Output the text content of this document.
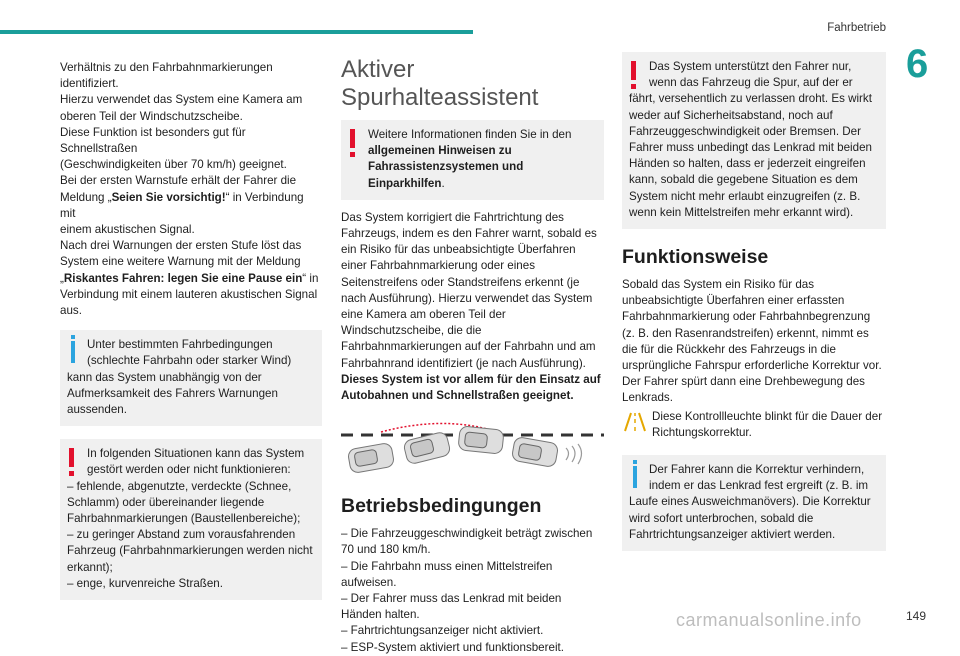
Fahrbetrieb
6

Verhältnis zu den Fahrbahnmarkierungen
identifiziert.
Hierzu verwendet das System eine Kamera am
oberen Teil der Windschutzscheibe.
Diese Funktion ist besonders gut für Schnellstraßen
(Geschwindigkeiten über 70 km/h) geeignet.
Bei der ersten Warnstufe erhält der Fahrer die
Meldung „Seien Sie vorsichtig!“ in Verbindung mit
einem akustischen Signal.
Nach drei Warnungen der ersten Stufe löst das
System eine weitere Warnung mit der Meldung
„Riskantes Fahren: legen Sie eine Pause ein“ in
Verbindung mit einem lauteren akustischen Signal
aus.

Unter bestimmten Fahrbedingungen (schlechte Fahrbahn oder starker Wind)
kann das System unabhängig von der Aufmerksamkeit des Fahrers Warnungen aussenden.
In folgenden Situationen kann das System gestört werden oder nicht funktionieren:
– fehlende, abgenutzte, verdeckte (Schnee, Schlamm) oder übereinander liegende Fahrbahnmarkierungen (Baustellenbereiche);
– zu geringer Abstand zum vorausfahrenden Fahrzeug (Fahrbahnmarkierungen werden nicht erkannt);
– enge, kurvenreiche Straßen.
Aktiver Spurhalteassistent
Weitere Informationen finden Sie in den allgemeinen Hinweisen zu Fahrassistenzsystemen und Einparkhilfen.

Das System korrigiert die Fahrtrichtung des Fahrzeugs, indem es den Fahrer warnt, sobald es ein Risiko für das unbeabsichtigte Überfahren einer Fahrbahnmarkierung oder eines Seitenstreifens oder Standstreifens erkennt (je nach Ausführung). Hierzu verwendet das System eine Kamera am oberen Teil der Windschutzscheibe, die die Fahrbahnmarkierungen auf der Fahrbahn und am Fahrbahnrand identifiziert (je nach Ausführung).

Dieses System ist vor allem für den Einsatz auf Autobahnen und Schnellstraßen geeignet.

Betriebsbedingungen
– Die Fahrzeuggeschwindigkeit beträgt zwischen 70 und 180 km/h.
– Die Fahrbahn muss einen Mittelstreifen aufweisen.
– Der Fahrer muss das Lenkrad mit beiden Händen halten.
– Fahrtrichtungsanzeiger nicht aktiviert.
– ESP-System aktiviert und funktionsbereit.
Das System unterstützt den Fahrer nur, wenn das Fahrzeug die Spur, auf der er
fährt, versehentlich zu verlassen droht. Es wirkt weder auf Sicherheitsabstand, noch auf Fahrzeuggeschwindigkeit oder Bremsen. Der Fahrer muss unbedingt das Lenkrad mit beiden Händen so halten, dass er jederzeit eingreifen kann, sobald die gegebene Situation es dem System nicht mehr erlaubt einzugreifen (z. B. wenn kein Mittelstreifen mehr erkannt wird).
Funktionsweise

Sobald das System ein Risiko für das unbeabsichtigte Überfahren einer erfassten Fahrbahnmarkierung oder Fahrbahnbegrenzung (z. B. den Rasenrandstreifen) erkennt, nimmt es die für die Rückkehr des Fahrzeugs in die ursprüngliche Fahrspur erforderliche Korrektur vor. Der Fahrer spürt dann eine Drehbewegung des Lenkrads.

Diese Kontrollleuchte blinkt für die Dauer der Richtungskorrektur.
Der Fahrer kann die Korrektur verhindern, indem er das Lenkrad fest ergreift (z. B. im
Laufe eines Ausweichmanövers). Die Korrektur wird sofort unterbrochen, sobald die Fahrtrichtungsanzeiger aktiviert werden.
carmanualsonline.info	149
